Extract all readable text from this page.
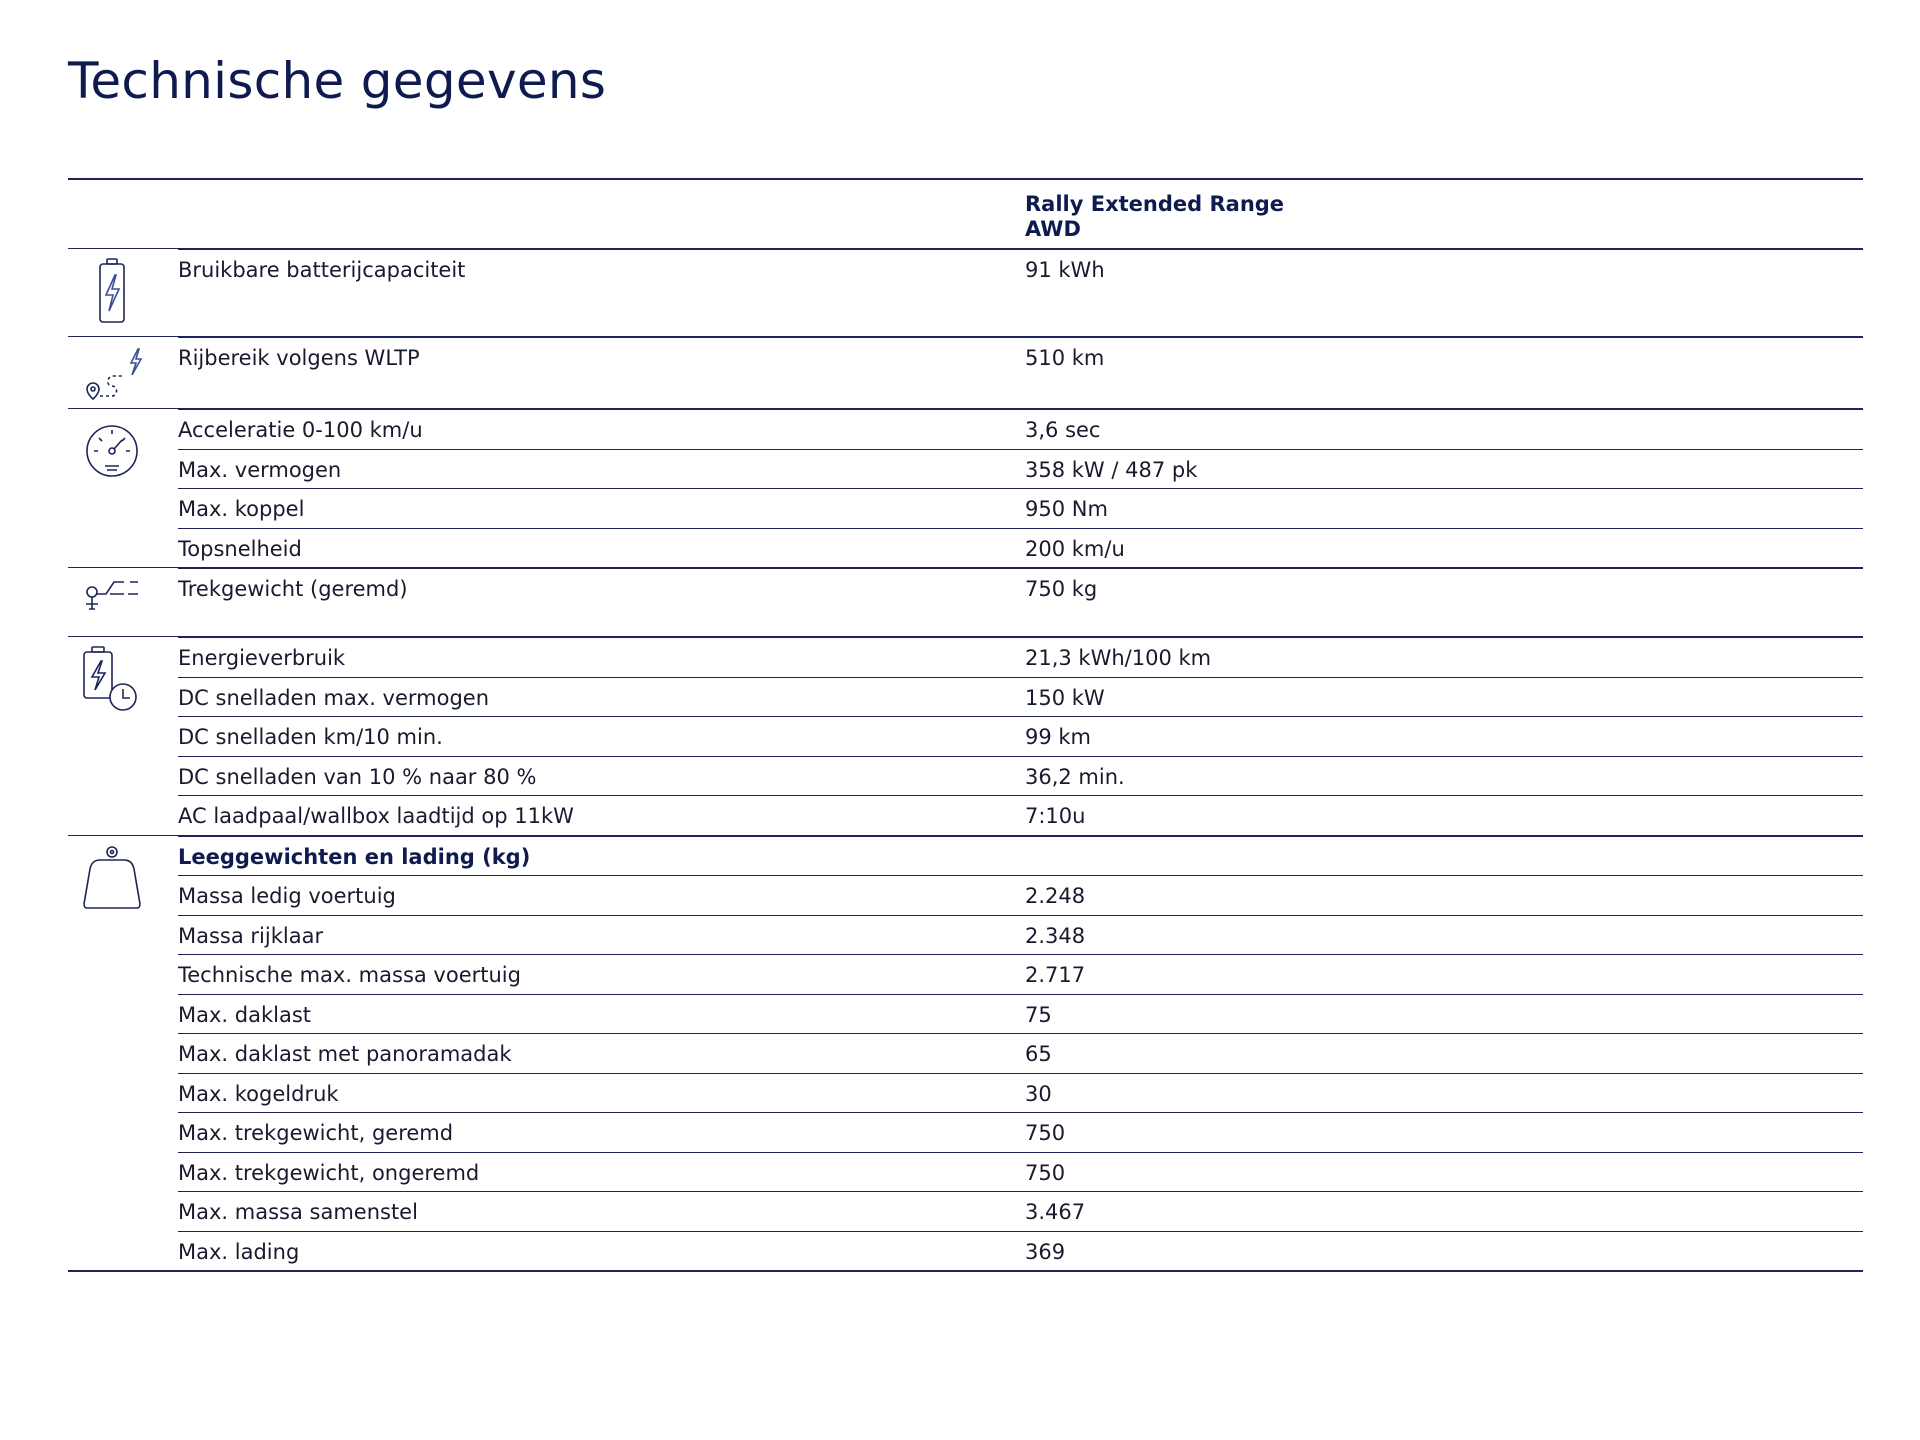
Technische gegevens
Rally Extended Range
AWD
Bruikbare batterijcapaciteit	91 kWh
Rijbereik volgens WLTP	510 km
Acceleratie 0-100 km/u	3,6 sec
Max. vermogen	358 kW / 487 pk
Max. koppel	950 Nm
Topsnelheid	200 km/u
Trekgewicht (geremd)	750 kg
Energieverbruik	21,3 kWh/100 km
DC snelladen max. vermogen	150 kW
DC snelladen km/10 min.	99 km
DC snelladen van 10 % naar 80 %	36,2 min.
AC laadpaal/wallbox laadtijd op 11kW	7:10u
Leeggewichten en lading (kg)
Massa ledig voertuig	2.248
Massa rijklaar	2.348
Technische max. massa voertuig	2.717
Max. daklast	75
Max. daklast met panoramadak	65
Max. kogeldruk	30
Max. trekgewicht, geremd	750
Max. trekgewicht, ongeremd	750
Max. massa samenstel	3.467
Max. lading	369
